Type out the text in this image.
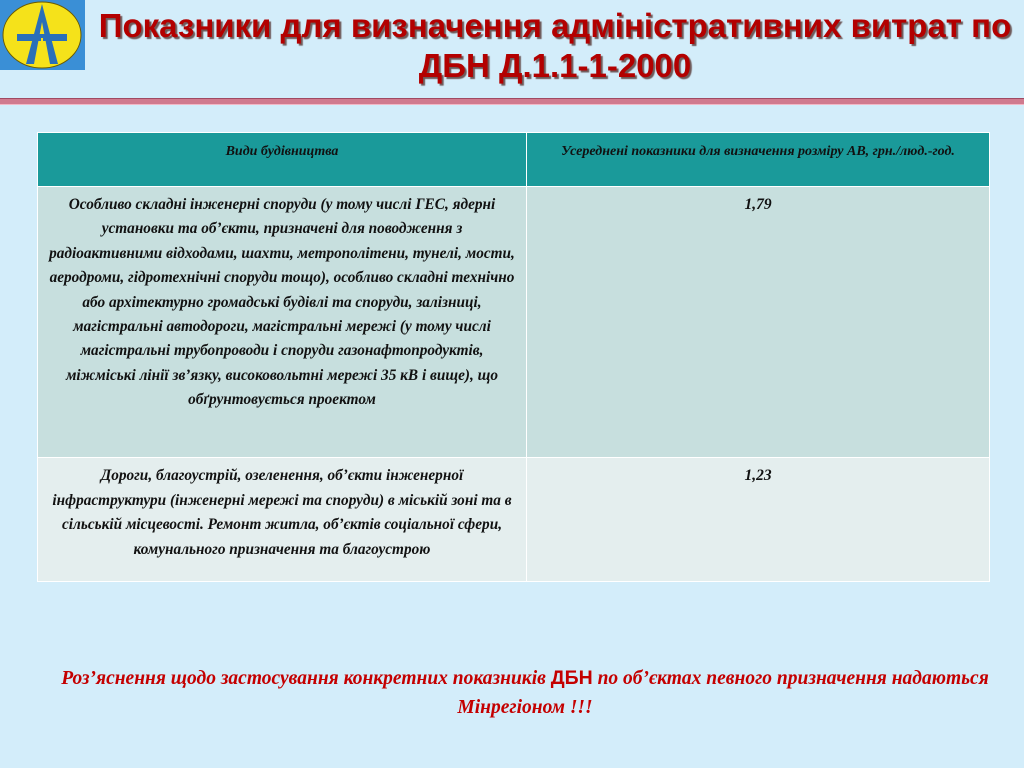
Показники для визначення адміністративних витрат по ДБН Д.1.1-1-2000
Види будівництва	Усереднені показники для визначення розміру АВ, грн./люд.-год.
Особливо складні інженерні споруди (у тому числі ГЕС, ядерні установки та об’єкти, призначені для поводження з радіоактивними відходами, шахти, метрополітени, тунелі, мости, аеродроми, гідротехнічні споруди тощо), особливо складні технічно або архітектурно громадські будівлі та споруди, залізниці, магістральні автодороги, магістральні мережі (у тому числі магістральні трубопроводи і споруди газонафтопродуктів, міжміські лінії зв’язку, високовольтні мережі 35 кВ і вище), що обґрунтовується проектом	1,79
Дороги, благоустрій, озеленення, об’єкти інженерної інфраструктури (інженерні мережі та споруди) в міській зоні та в сільській місцевості. Ремонт житла, об’єктів соціальної сфери, комунального призначення та благоустрою	1,23

Роз’яснення щодо застосування конкретних показників ДБН по об’єктах певного призначення надаються Мінрегіоном !!!
